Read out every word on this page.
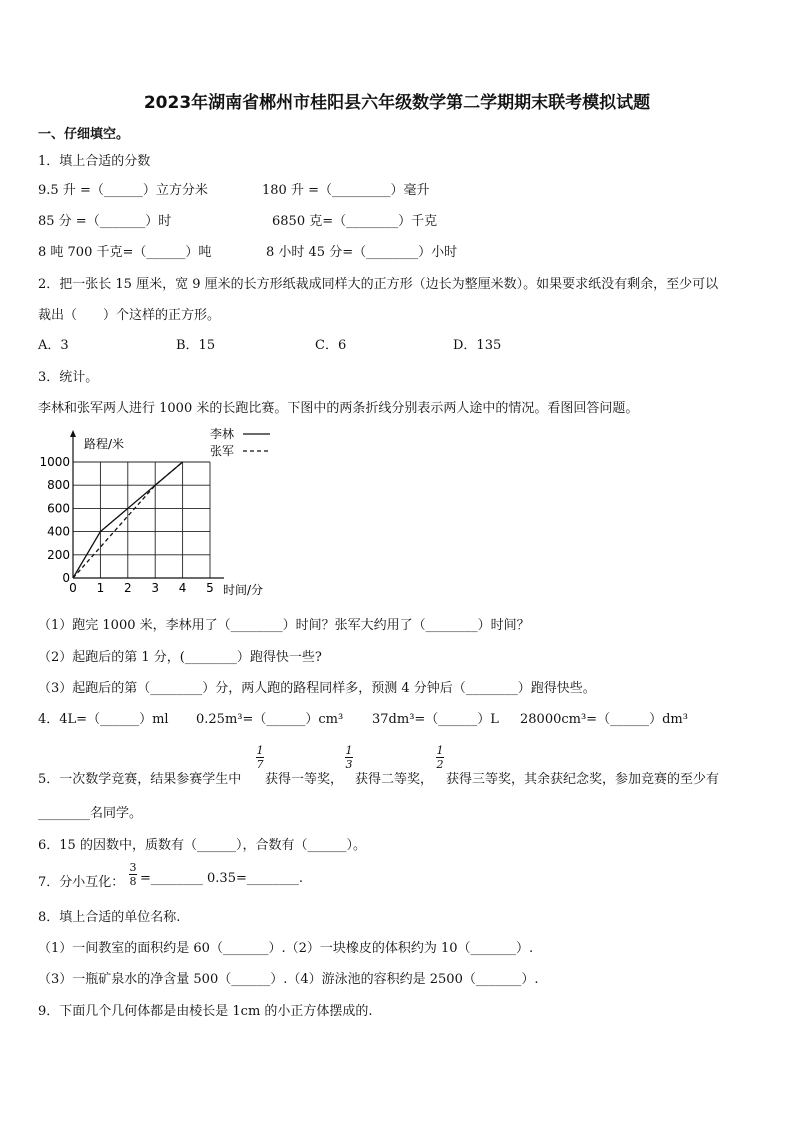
2023年湖南省郴州市桂阳县六年级数学第二学期期末联考模拟试题
一、仔细填空。
1．填上合适的分数
9.5 升 =（______）立方分米	180 升 =（_________）毫升
85 分 =（_______）时	6850 克=（________）千克
8 吨 700 千克=（______）吨	8 小时 45 分=（________）小时
2．把一张长 15 厘米，宽 9 厘米的长方形纸裁成同样大的正方形（边长为整厘米数）。如果要求纸没有剩余，至少可以
裁出（　　）个这样的正方形。
A．3	B．15	C．6	D．135
3．统计。
李林和张军两人进行 1000 米的长跑比赛。下图中的两条折线分别表示两人途中的情况。看图回答问题。
0 1 2 3 4 5
0
200
400
600
800
1000
路程/米
时间/分
李林
张军
（1）跑完 1000 米，李林用了（________）时间？张军大约用了（________）时间？
（2）起跑后的第 1 分，(________）跑得快一些?
（3）起跑后的第（________）分，两人跑的路程同样多，预测 4 分钟后（________）跑得快些。
4．4L=（______）ml 0.25m³=（______）cm³ 37dm³=（______）L 28000cm³=（______）dm³
5．一次数学竞赛，结果参赛学生中
1
7
获得一等奖，
1
3
获得二等奖，
1
2
获得三等奖，其余获纪念奖，参加竞赛的至少有
________名同学。
6．15 的因数中，质数有（______），合数有（______）。
7．分小互化：
3
8 =________ 0.35=________.
8．填上合适的单位名称.
（1）一间教室的面积约是 60（_______）.（2）一块橡皮的体积约为 10（_______）.
（3）一瓶矿泉水的净含量 500（______）.（4）游泳池的容积约是 2500（_______）.
9．下面几个几何体都是由棱长是 1cm 的小正方体摆成的.
